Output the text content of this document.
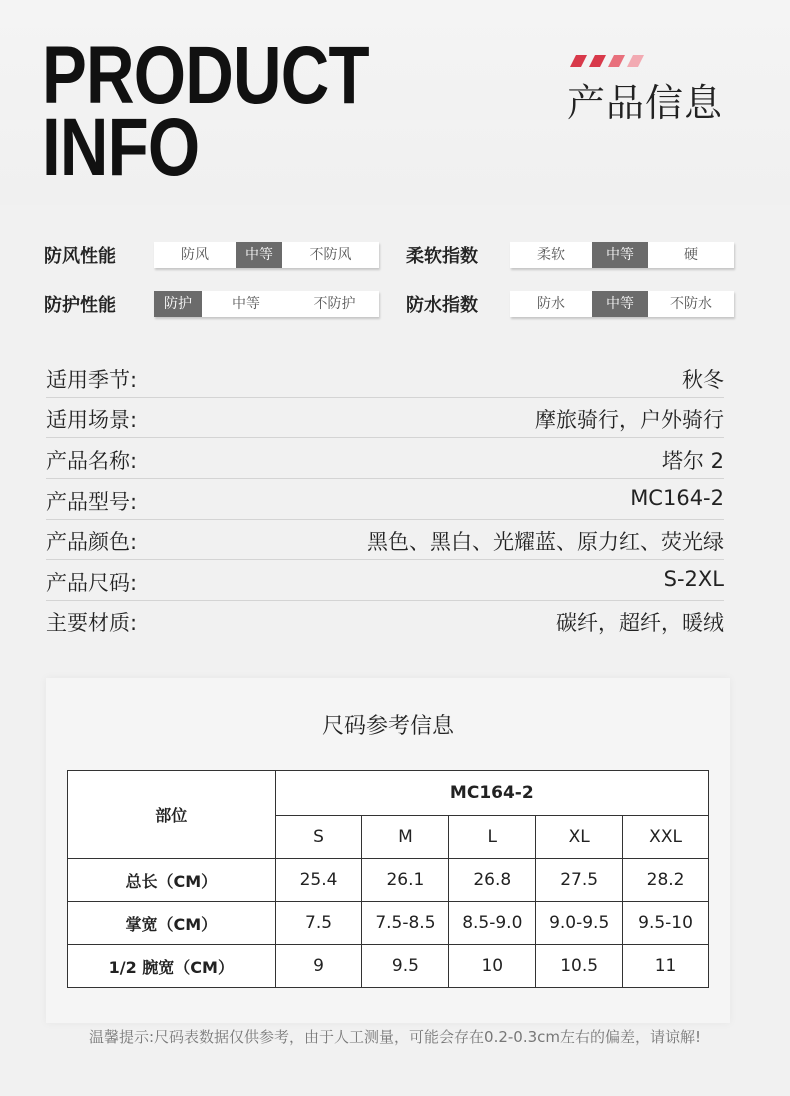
PRODUCT
INFO	产品信息
防风性能	防风	中等	不防风	柔软指数	柔软	中等	硬
防护性能	防护	中等	不防护	防水指数	防水	中等	不防水
适用季节:	秋冬
适用场景:	摩旅骑行，户外骑行
产品名称:	塔尔 2
产品型号:	MC164-2
产品颜色:	黑色、黑白、光耀蓝、原力红、荧光绿
产品尺码:	S-2XL
主要材质:	碳纤，超纤，暖绒
尺码参考信息
部位	MC164-2				
	S	M	L	XL	XXL
总长（CM）	25.4	26.1	26.8	27.5	28.2
掌宽（CM）	7.5	7.5-8.5	8.5-9.0	9.0-9.5	9.5-10
1/2 腕宽（CM）	9	9.5	10	10.5	11
温馨提示:尺码表数据仅供参考，由于人工测量，可能会存在0.2-0.3cm左右的偏差，请谅解!
